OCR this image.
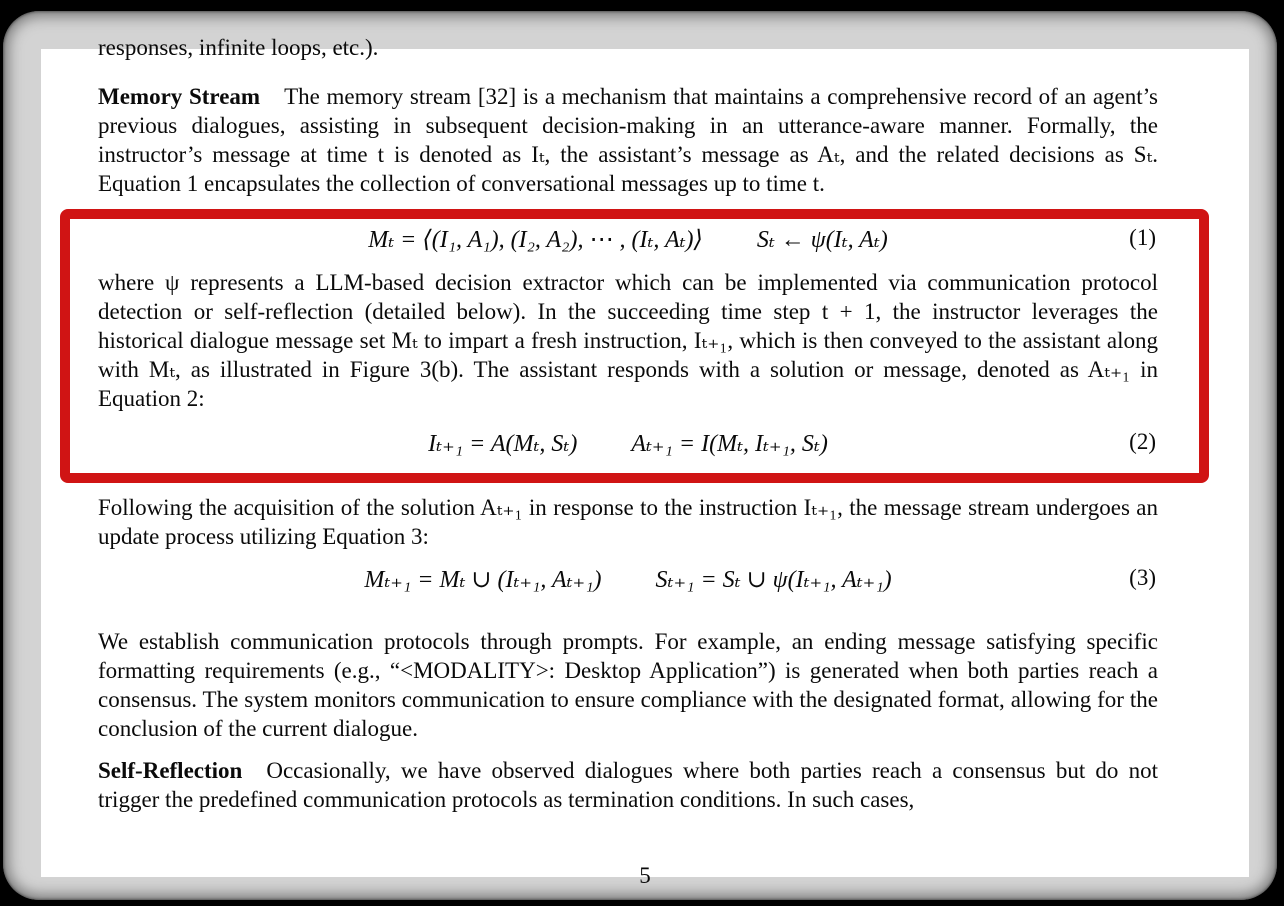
responses, infinite loops, etc.).

Memory Stream The memory stream [32] is a mechanism that maintains a comprehensive record of an agent’s previous dialogues, assisting in subsequent decision-making in an utterance-aware manner. Formally, the instructor’s message at time t is denoted as Iₜ, the assistant’s message as Aₜ, and the related decisions as Sₜ. Equation 1 encapsulates the collection of conversational messages up to time t.

Mₜ = ⟨(I₁, A₁), (I₂, A₂), ⋯ , (Iₜ, Aₜ)⟩ Sₜ ← ψ(Iₜ, Aₜ)	(1)

where ψ represents a LLM-based decision extractor which can be implemented via communication protocol detection or self-reflection (detailed below). In the succeeding time step t + 1, the instructor leverages the historical dialogue message set Mₜ to impart a fresh instruction, Iₜ₊₁, which is then conveyed to the assistant along with Mₜ, as illustrated in Figure 3(b). The assistant responds with a solution or message, denoted as Aₜ₊₁ in Equation 2:

Iₜ₊₁ = A(Mₜ, Sₜ) Aₜ₊₁ = I(Mₜ, Iₜ₊₁, Sₜ)	(2)

Following the acquisition of the solution Aₜ₊₁ in response to the instruction Iₜ₊₁, the message stream undergoes an update process utilizing Equation 3:

Mₜ₊₁ = Mₜ ∪ (Iₜ₊₁, Aₜ₊₁) Sₜ₊₁ = Sₜ ∪ ψ(Iₜ₊₁, Aₜ₊₁)	(3)

We establish communication protocols through prompts. For example, an ending message satisfying specific formatting requirements (e.g., “<MODALITY>: Desktop Application”) is generated when both parties reach a consensus. The system monitors communication to ensure compliance with the designated format, allowing for the conclusion of the current dialogue.

Self-Reflection Occasionally, we have observed dialogues where both parties reach a consensus but do not trigger the predefined communication protocols as termination conditions. In such cases,

5
